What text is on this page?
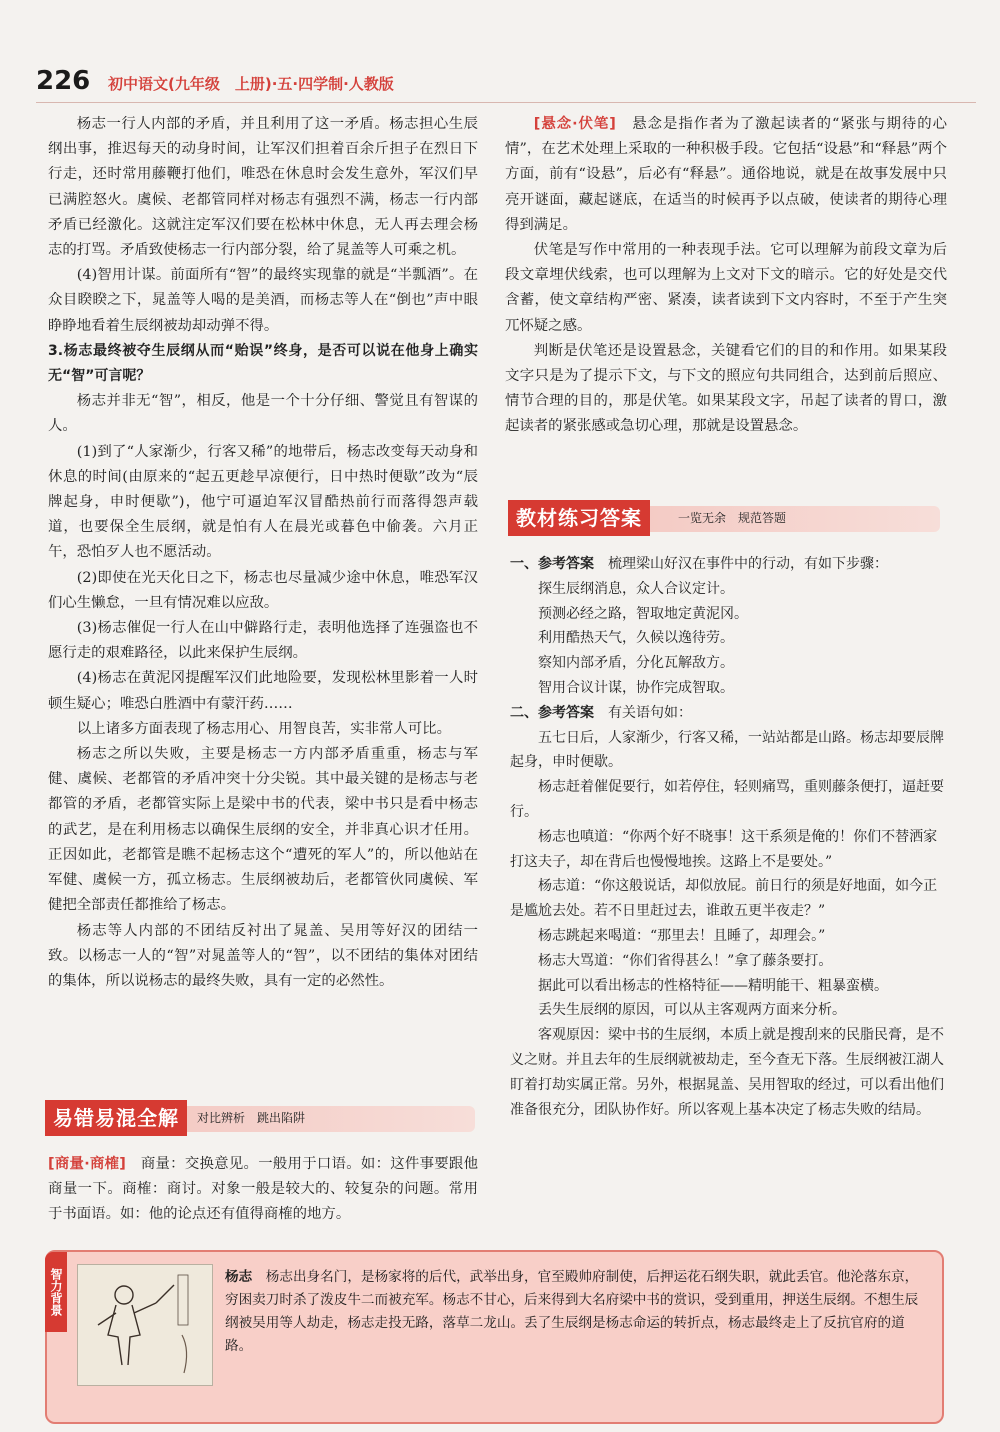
226 初中语文(九年级　上册)·五·四学制·人教版

杨志一行人内部的矛盾，并且利用了这一矛盾。杨志担心生辰纲出事，推迟每天的动身时间，让军汉们担着百余斤担子在烈日下行走，还时常用藤鞭打他们，唯恐在休息时会发生意外，军汉们早已满腔怒火。虞候、老都管同样对杨志有强烈不满，杨志一行内部矛盾已经激化。这就注定军汉们要在松林中休息，无人再去理会杨志的打骂。矛盾致使杨志一行内部分裂，给了晁盖等人可乘之机。

(4)智用计谋。前面所有“智”的最终实现靠的就是“半瓢酒”。在众目睽睽之下，晁盖等人喝的是美酒，而杨志等人在“倒也”声中眼睁睁地看着生辰纲被劫却动弹不得。

3.杨志最终被夺生辰纲从而“贻误”终身，是否可以说在他身上确实无“智”可言呢？

杨志并非无“智”，相反，他是一个十分仔细、警觉且有智谋的人。

(1)到了“人家渐少，行客又稀”的地带后，杨志改变每天动身和休息的时间(由原来的“起五更趁早凉便行，日中热时便歇”改为“辰牌起身，申时便歇”)，他宁可逼迫军汉冒酷热前行而落得怨声载道，也要保全生辰纲，就是怕有人在晨光或暮色中偷袭。六月正午，恐怕歹人也不愿活动。

(2)即使在光天化日之下，杨志也尽量减少途中休息，唯恐军汉们心生懒怠，一旦有情况难以应敌。

(3)杨志催促一行人在山中僻路行走，表明他选择了连强盗也不愿行走的艰难路径，以此来保护生辰纲。

(4)杨志在黄泥冈提醒军汉们此地险要，发现松林里影着一人时顿生疑心；唯恐白胜酒中有蒙汗药……

以上诸多方面表现了杨志用心、用智良苦，实非常人可比。

杨志之所以失败，主要是杨志一方内部矛盾重重，杨志与军健、虞候、老都管的矛盾冲突十分尖锐。其中最关键的是杨志与老都管的矛盾，老都管实际上是梁中书的代表，梁中书只是看中杨志的武艺，是在利用杨志以确保生辰纲的安全，并非真心识才任用。正因如此，老都管是瞧不起杨志这个“遭死的军人”的，所以他站在军健、虞候一方，孤立杨志。生辰纲被劫后，老都管伙同虞候、军健把全部责任都推给了杨志。

杨志等人内部的不团结反衬出了晁盖、吴用等好汉的团结一致。以杨志一人的“智”对晁盖等人的“智”，以不团结的集体对团结的集体，所以说杨志的最终失败，具有一定的必然性。

[悬念·伏笔]　 悬念是指作者为了激起读者的“紧张与期待的心情”，在艺术处理上采取的一种积极手段。它包括“设悬”和“释悬”两个方面，前有“设悬”，后必有“释悬”。通俗地说，就是在故事发展中只亮开谜面，藏起谜底，在适当的时候再予以点破，使读者的期待心理得到满足。

伏笔是写作中常用的一种表现手法。它可以理解为前段文章为后段文章埋伏线索，也可以理解为上文对下文的暗示。它的好处是交代含蓄，使文章结构严密、紧凑，读者读到下文内容时，不至于产生突兀怀疑之感。

判断是伏笔还是设置悬念，关键看它们的目的和作用。如果某段文字只是为了提示下文，与下文的照应句共同组合，达到前后照应、情节合理的目的，那是伏笔。如果某段文字，吊起了读者的胃口，激起读者的紧张感或急切心理，那就是设置悬念。

教材练习答案	一览无余　规范答题

一、参考答案　 梳理梁山好汉在事件中的行动，有如下步骤：

探生辰纲消息，众人合议定计。

预测必经之路，智取地定黄泥冈。

利用酷热天气，久候以逸待劳。

察知内部矛盾，分化瓦解敌方。

智用合议计谋，协作完成智取。

二、参考答案　 有关语句如：

五七日后，人家渐少，行客又稀，一站站都是山路。杨志却要辰牌起身，申时便歇。

杨志赶着催促要行，如若停住，轻则痛骂，重则藤条便打，逼赶要行。

杨志也嗔道：“你两个好不晓事！这干系须是俺的！你们不替洒家打这夫子，却在背后也慢慢地挨。这路上不是要处。”

杨志道：“你这般说话，却似放屁。前日行的须是好地面，如今正是尴尬去处。若不日里赶过去，谁敢五更半夜走？”

杨志跳起来喝道：“那里去！且睡了，却理会。”

杨志大骂道：“你们省得甚么！”拿了藤条要打。

据此可以看出杨志的性格特征——精明能干、粗暴蛮横。

丢失生辰纲的原因，可以从主客观两方面来分析。

客观原因：梁中书的生辰纲，本质上就是搜刮来的民脂民膏，是不义之财。并且去年的生辰纲就被劫走，至今查无下落。生辰纲被江湖人盯着打劫实属正常。另外，根据晁盖、吴用智取的经过，可以看出他们准备很充分，团队协作好。所以客观上基本决定了杨志失败的结局。

易错易混全解	对比辨析　跳出陷阱

[商量·商榷]　 商量：交换意见。一般用于口语。如：这件事要跟他商量一下。商榷：商讨。对象一般是较大的、较复杂的问题。常用于书面语。如：他的论点还有值得商榷的地方。

智力背景	杨志　 杨志出身名门，是杨家将的后代，武举出身，官至殿帅府制使，后押运花石纲失职，就此丢官。他沦落东京，穷困卖刀时杀了泼皮牛二而被充军。杨志不甘心，后来得到大名府梁中书的赏识，受到重用，押送生辰纲。不想生辰纲被吴用等人劫走，杨志走投无路，落草二龙山。丢了生辰纲是杨志命运的转折点，杨志最终走上了反抗官府的道路。
